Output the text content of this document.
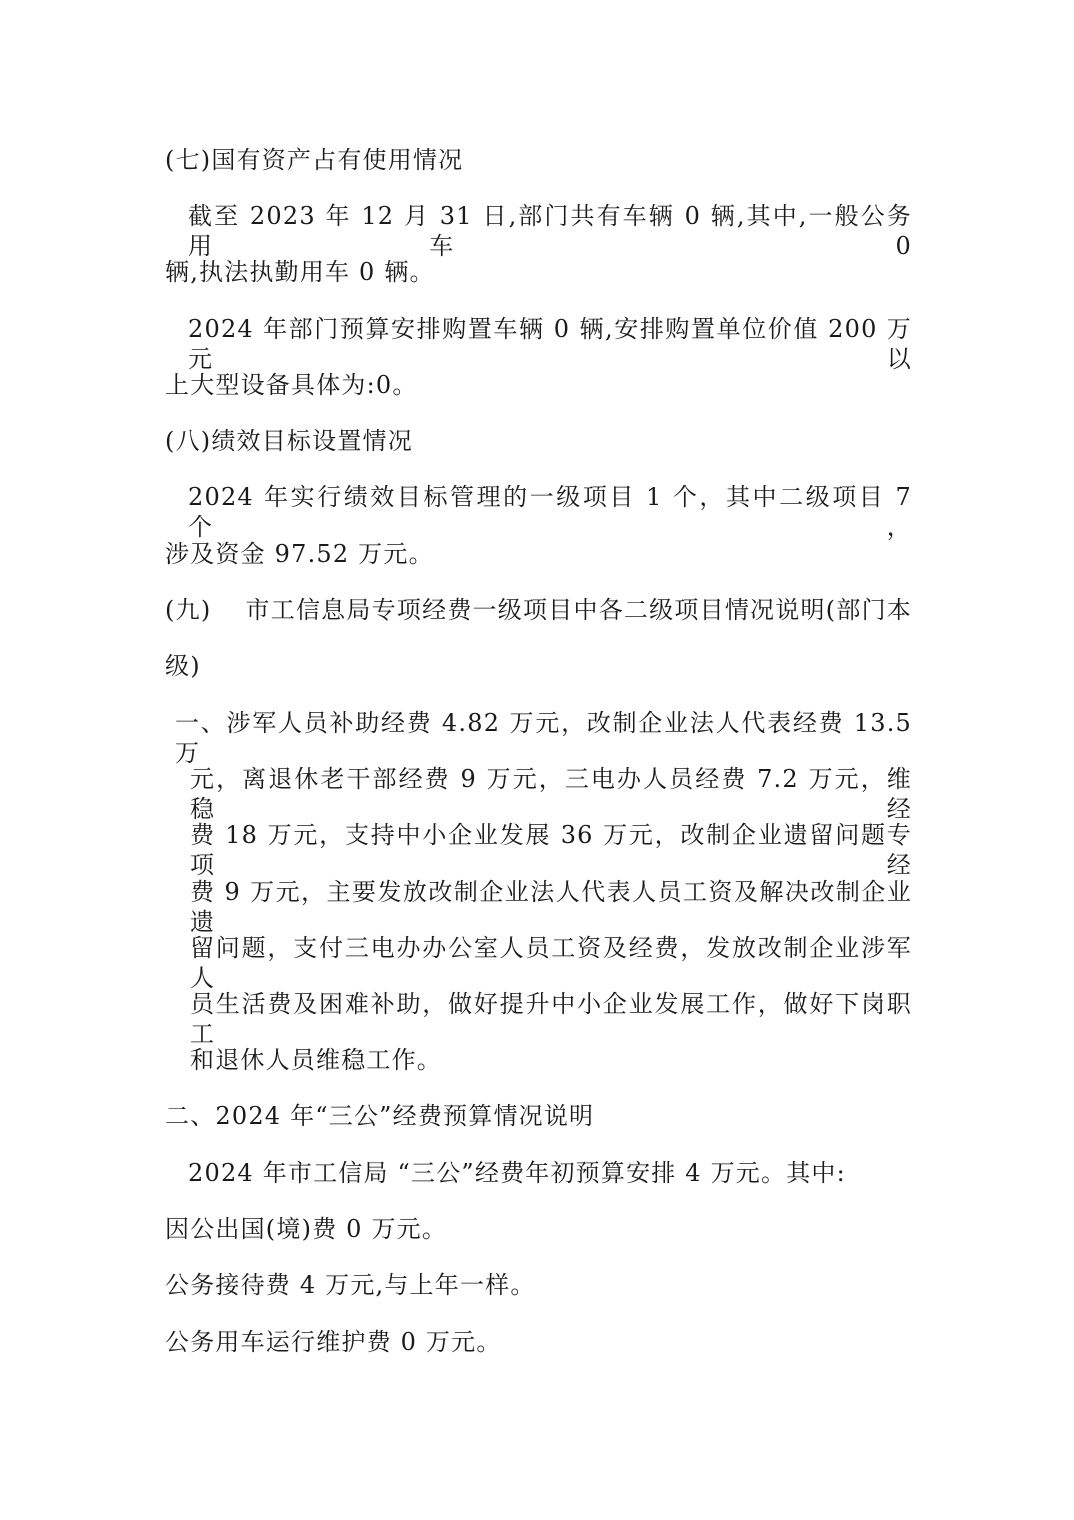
(七)国有资产占有使用情况
截至 2023 年 12 月 31 日,部门共有车辆 0 辆,其中,一般公务用车 0
辆,执法执勤用车 0 辆。
2024 年部门预算安排购置车辆 0 辆,安排购置单位价值 200 万元以
上大型设备具体为:0。
(八)绩效目标设置情况
2024 年实行绩效目标管理的一级项目 1 个，其中二级项目 7 个，
涉及资金 97.52 万元。
(九)　 市工信息局专项经费一级项目中各二级项目情况说明(部门本
级)
一、涉军人员补助经费 4.82 万元，改制企业法人代表经费 13.5 万
元，离退休老干部经费 9 万元，三电办人员经费 7.2 万元，维稳经
费 18 万元，支持中小企业发展 36 万元，改制企业遗留问题专项经
费 9 万元，主要发放改制企业法人代表人员工资及解决改制企业遗
留问题，支付三电办办公室人员工资及经费，发放改制企业涉军人
员生活费及困难补助，做好提升中小企业发展工作，做好下岗职工
和退休人员维稳工作。
二、2024 年“三公”经费预算情况说明
2024 年市工信局 “三公”经费年初预算安排 4 万元。其中:
因公出国(境)费 0 万元。
公务接待费 4 万元,与上年一样。
公务用车运行维护费 0 万元。
